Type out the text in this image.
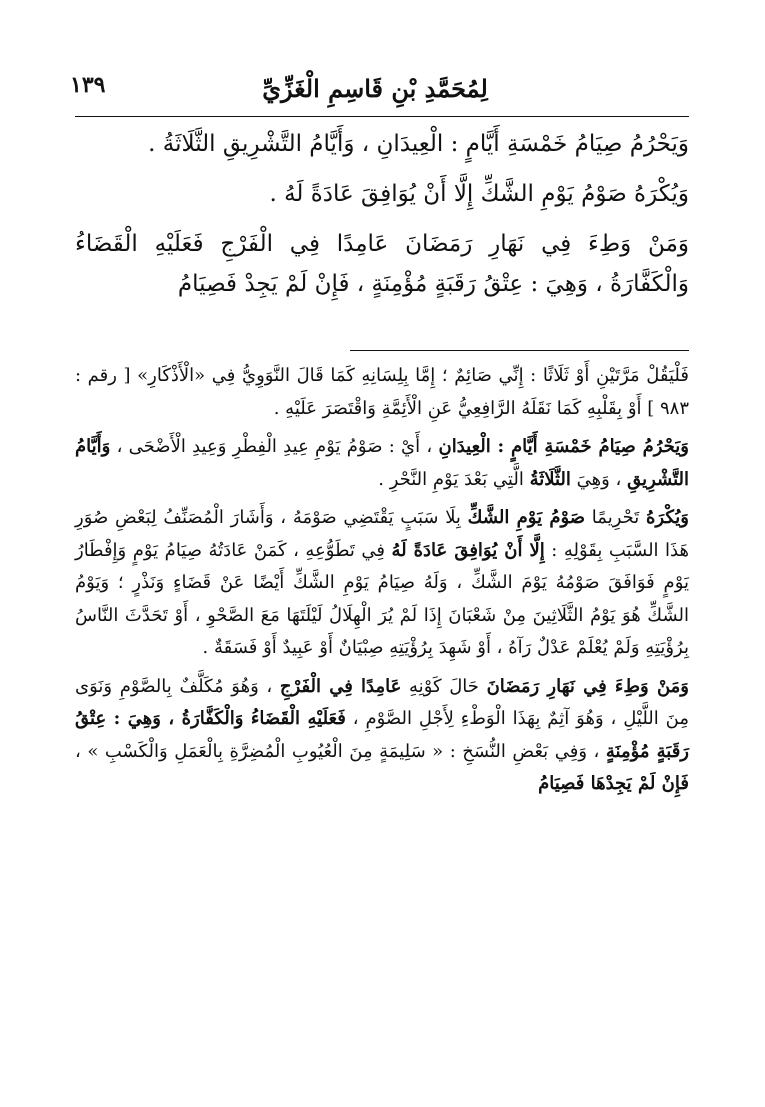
لِمُحَمَّدِ بْنِ قَاسِمِ الْغَزِّيِّ
١٣٩

وَيَحْرُمُ صِيَامُ خَمْسَةِ أَيَّامٍ : الْعِيدَانِ ، وَأَيَّامُ التَّشْرِيقِ الثَّلَاثَةُ .

وَيُكْرَهُ صَوْمُ يَوْمِ الشَّكِّ إِلَّا أَنْ يُوَافِقَ عَادَةً لَهُ .

وَمَنْ وَطِءَ فِي نَهَارِ رَمَضَانَ عَامِدًا فِي الْفَرْجِ فَعَلَيْهِ الْقَضَاءُ وَالْكَفَّارَةُ ، وَهِيَ : عِتْقُ رَقَبَةٍ مُؤْمِنَةٍ ، فَإِنْ لَمْ يَجِدْ فَصِيَامُ

فَلْيَقُلْ مَرَّتَيْنِ أَوْ ثَلَاثًا : إِنِّي صَائِمٌ ؛ إِمَّا بِلِسَانِهِ كَمَا قَالَ النَّوَوِيُّ فِي «الْأَذْكَارِ» [ رقم : ٩٨٣ ] أَوْ بِقَلْبِهِ كَمَا نَقَلَهُ الرَّافِعِيُّ عَنِ الْأَئِمَّةِ وَاقْتَصَرَ عَلَيْهِ .

وَيَحْرُمُ صِيَامُ خَمْسَةِ أَيَّامٍ : الْعِيدَانِ ، أَيْ : صَوْمُ يَوْمِ عِيدِ الْفِطْرِ وَعِيدِ الْأَضْحَى ، وَأَيَّامُ التَّشْرِيقِ ، وَهِيَ الثَّلَاثَةُ الَّتِي بَعْدَ يَوْمِ النَّحْرِ .

وَيُكْرَهُ تَحْرِيمًا صَوْمُ يَوْمِ الشَّكِّ بِلَا سَبَبٍ يَقْتَضِي صَوْمَهُ ، وَأَشَارَ الْمُصَنِّفُ لِبَعْضِ صُوَرِ هَذَا السَّبَبِ بِقَوْلِهِ : إِلَّا أَنْ يُوَافِقَ عَادَةً لَهُ فِي تَطَوُّعِهِ ، كَمَنْ عَادَتُهُ صِيَامُ يَوْمٍ وَإِفْطَارُ يَوْمٍ فَوَافَقَ صَوْمُهُ يَوْمَ الشَّكِّ ، وَلَهُ صِيَامُ يَوْمِ الشَّكِّ أَيْضًا عَنْ قَضَاءٍ وَنَذْرٍ ؛ وَيَوْمُ الشَّكِّ هُوَ يَوْمُ الثَّلَاثِينَ مِنْ شَعْبَانَ إِذَا لَمْ يُرَ الْهِلَالُ لَيْلَتَهَا مَعَ الصَّحْوِ ، أَوْ تَحَدَّثَ النَّاسُ بِرُؤْيَتِهِ وَلَمْ يُعْلَمْ عَدْلٌ رَآهُ ، أَوْ شَهِدَ بِرُؤْيَتِهِ صِبْيَانٌ أَوْ عَبِيدٌ أَوْ فَسَقَةٌ .

وَمَنْ وَطِءَ فِي نَهَارِ رَمَضَانَ حَالَ كَوْنِهِ عَامِدًا فِي الْفَرْجِ ، وَهُوَ مُكَلَّفٌ بِالصَّوْمِ وَنَوَى مِنَ اللَّيْلِ ، وَهُوَ آثِمٌ بِهَذَا الْوَطْءِ لِأَجْلِ الصَّوْمِ ، فَعَلَيْهِ الْقَضَاءُ وَالْكَفَّارَةُ ، وَهِيَ : عِتْقُ رَقَبَةٍ مُؤْمِنَةٍ ، وَفِي بَعْضِ النُّسَخِ : « سَلِيمَةٍ مِنَ الْعُيُوبِ الْمُضِرَّةِ بِالْعَمَلِ وَالْكَسْبِ » ، فَإِنْ لَمْ يَجِدْهَا فَصِيَامُ
